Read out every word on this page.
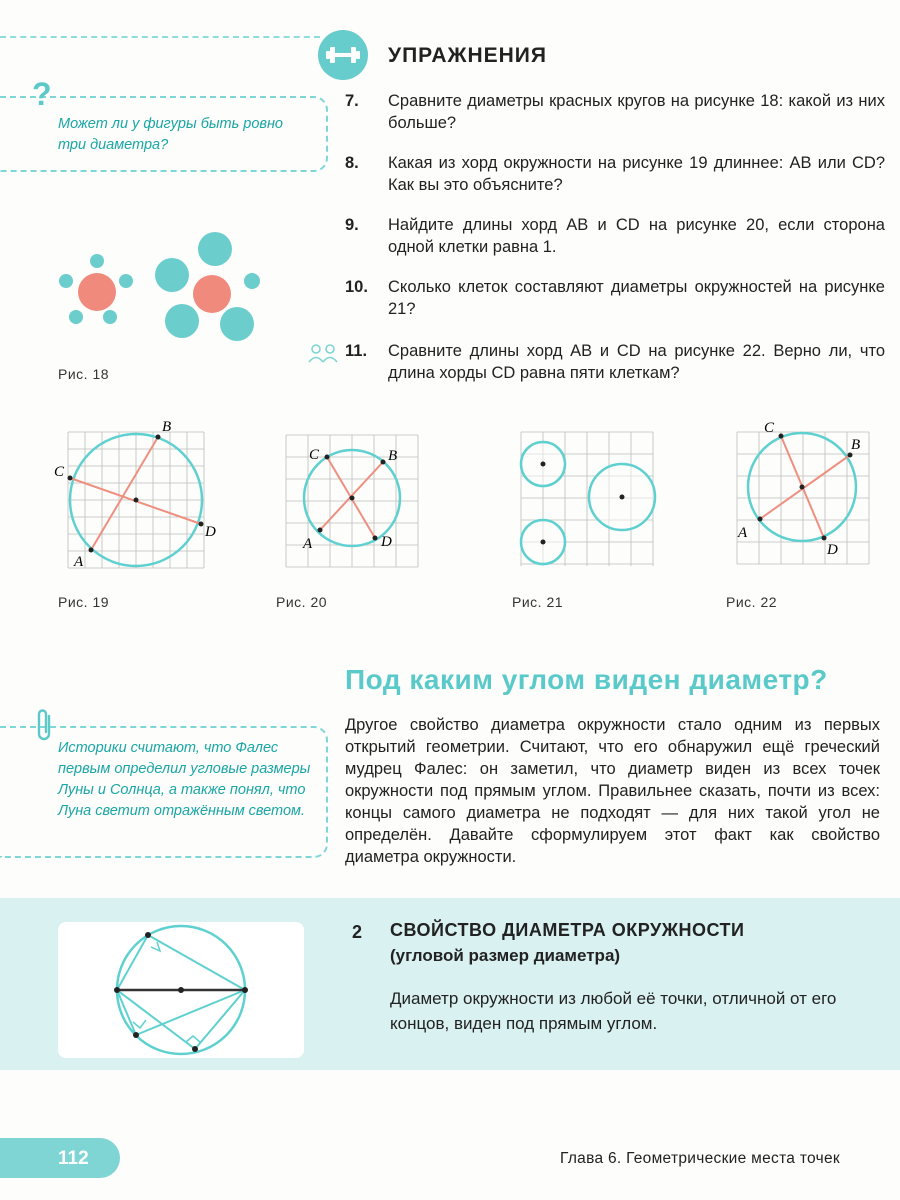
УПРАЖНЕНИЯ
?
Может ли у фигуры быть ровно три диаметра?
7. Сравните диаметры красных кругов на рисунке 18: какой из них больше?
8. Какая из хорд окружности на рисунке 19 длиннее: AB или CD? Как вы это объясните?
9. Найдите длины хорд AB и CD на рисунке 20, если сторона одной клетки равна 1.
10. Сколько клеток составляют диаметры окружностей на рисунке 21?
11. Сравните длины хорд AB и CD на рисунке 22. Верно ли, что длина хорды CD равна пяти клеткам?
Рис. 18
B
C
D
A
Рис. 19
C	B
A	D
Рис. 20	Рис. 21
C
B
A
D
Рис. 22
Под каким углом виден диаметр?
Другое свойство диаметра окружности стало одним из первых открытий геометрии. Считают, что его обнаружил ещё греческий мудрец Фалес: он заметил, что диаметр виден из всех точек окружности под прямым углом. Правильнее сказать, почти из всех: концы самого диаметра не подходят — для них такой угол не определён. Давайте сформулируем этот факт как свойство диаметра окружности.
Историки считают, что Фалес первым определил угловые размеры Луны и Солнца, а также понял, что Луна светит отражённым светом.
2 СВОЙСТВО ДИАМЕТРА ОКРУЖНОСТИ
(угловой размер диаметра)
Диаметр окружности из любой её точки, отличной от его концов, виден под прямым углом.
112	Глава 6. Геометрические места точек
